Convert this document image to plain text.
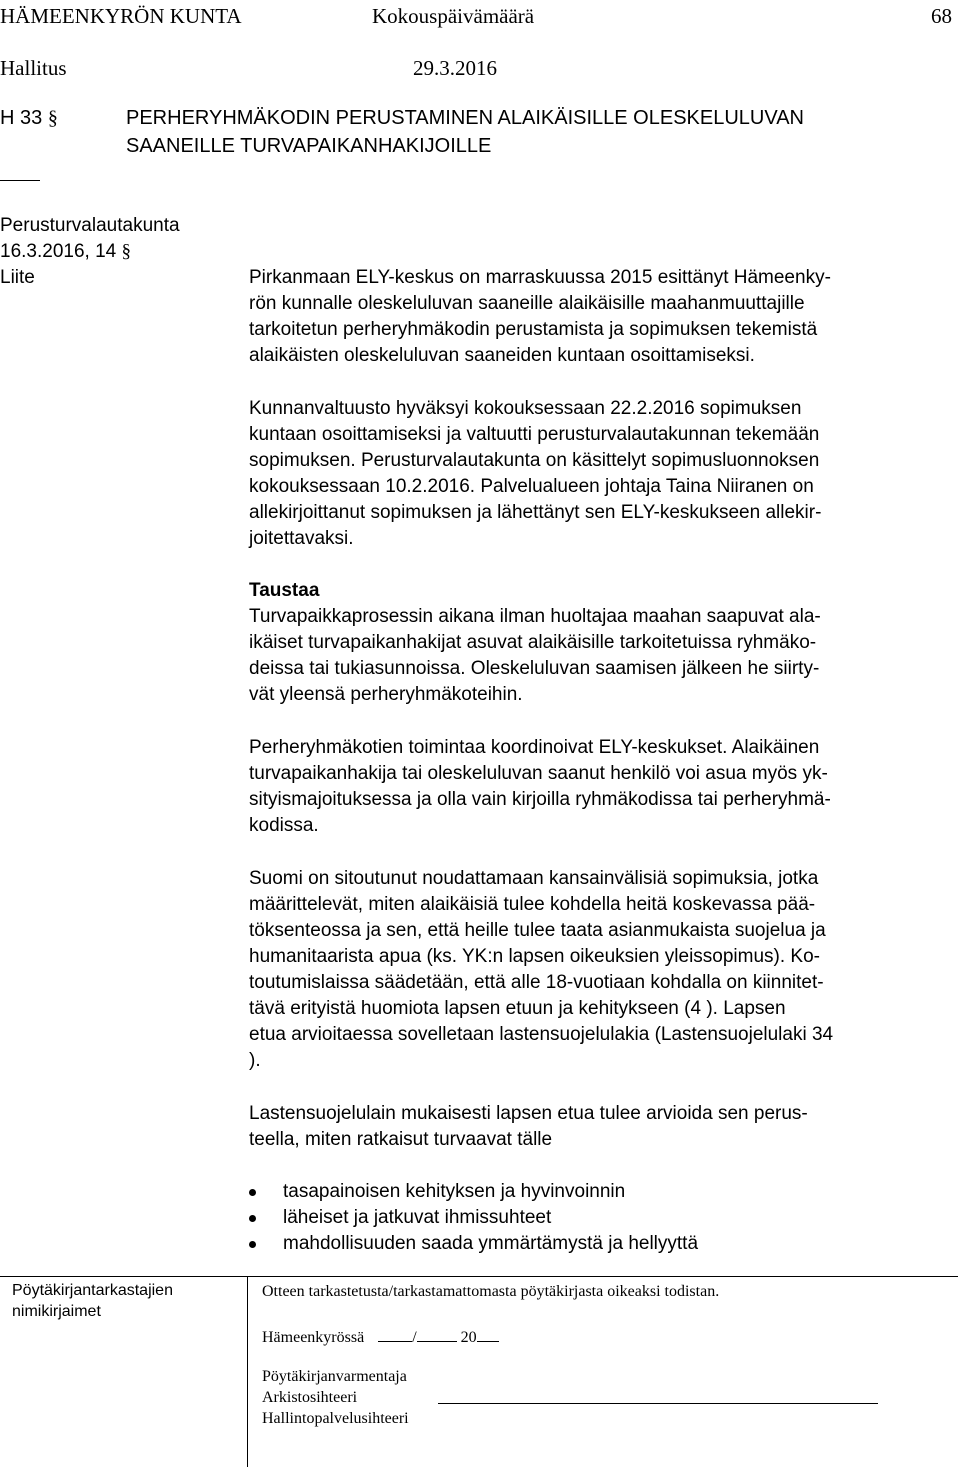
HÄMEENKYRÖN KUNTA	Kokouspäivämäärä	68
Hallitus	29.3.2016
H 33 §	PERHERYHMÄKODIN PERUSTAMINEN ALAIKÄISILLE OLESKELULUVAN
SAANEILLE TURVAPAIKANHAKIJOILLE
Perusturvalautakunta
16.3.2016, 14 §
Liite	Pirkanmaan ELY-keskus on marraskuussa 2015 esittänyt Hämeenky-
rön kunnalle oleskeluluvan saaneille alaikäisille maahanmuuttajille
tarkoitetun perheryhmäkodin perustamista ja sopimuksen tekemistä
alaikäisten oleskeluluvan saaneiden kuntaan osoittamiseksi.
Kunnanvaltuusto hyväksyi kokouksessaan 22.2.2016 sopimuksen
kuntaan osoittamiseksi ja valtuutti perusturvalautakunnan tekemään
sopimuksen. Perusturvalautakunta on käsittelyt sopimusluonnoksen
kokouksessaan 10.2.2016. Palvelualueen johtaja Taina Niiranen on
allekirjoittanut sopimuksen ja lähettänyt sen ELY-keskukseen allekir-
joitettavaksi.
Taustaa
Turvapaikkaprosessin aikana ilman huoltajaa maahan saapuvat ala-
ikäiset turvapaikanhakijat asuvat alaikäisille tarkoitetuissa ryhmäko-
deissa tai tukiasunnoissa. Oleskeluluvan saamisen jälkeen he siirty-
vät yleensä perheryhmäkoteihin.
Perheryhmäkotien toimintaa koordinoivat ELY-keskukset. Alaikäinen
turvapaikanhakija tai oleskeluluvan saanut henkilö voi asua myös yk-
sityismajoituksessa ja olla vain kirjoilla ryhmäkodissa tai perheryhmä-
kodissa.
Suomi on sitoutunut noudattamaan kansainvälisiä sopimuksia, jotka
määrittelevät, miten alaikäisiä tulee kohdella heitä koskevassa pää-
töksenteossa ja sen, että heille tulee taata asianmukaista suojelua ja
humanitaarista apua (ks. YK:n lapsen oikeuksien yleissopimus). Ko-
toutumislaissa säädetään, että alle 18-vuotiaan kohdalla on kiinnitet-
tävä erityistä huomiota lapsen etuun ja kehitykseen (4 ). Lapsen
etua arvioitaessa sovelletaan lastensuojelulakia (Lastensuojelulaki 34
).
Lastensuojelulain mukaisesti lapsen etua tulee arvioida sen perus-
teella, miten ratkaisut turvaavat tälle
tasapainoisen kehityksen ja hyvinvoinnin
läheiset ja jatkuvat ihmissuhteet
mahdollisuuden saada ymmärtämystä ja hellyyttä
Pöytäkirjantarkastajien
nimikirjaimet
Otteen tarkastetusta/tarkastamattomasta pöytäkirjasta oikeaksi todistan.
Hämeenkyrössä	/	20
Pöytäkirjanvarmentaja
Arkistosihteeri
Hallintopalvelusihteeri
